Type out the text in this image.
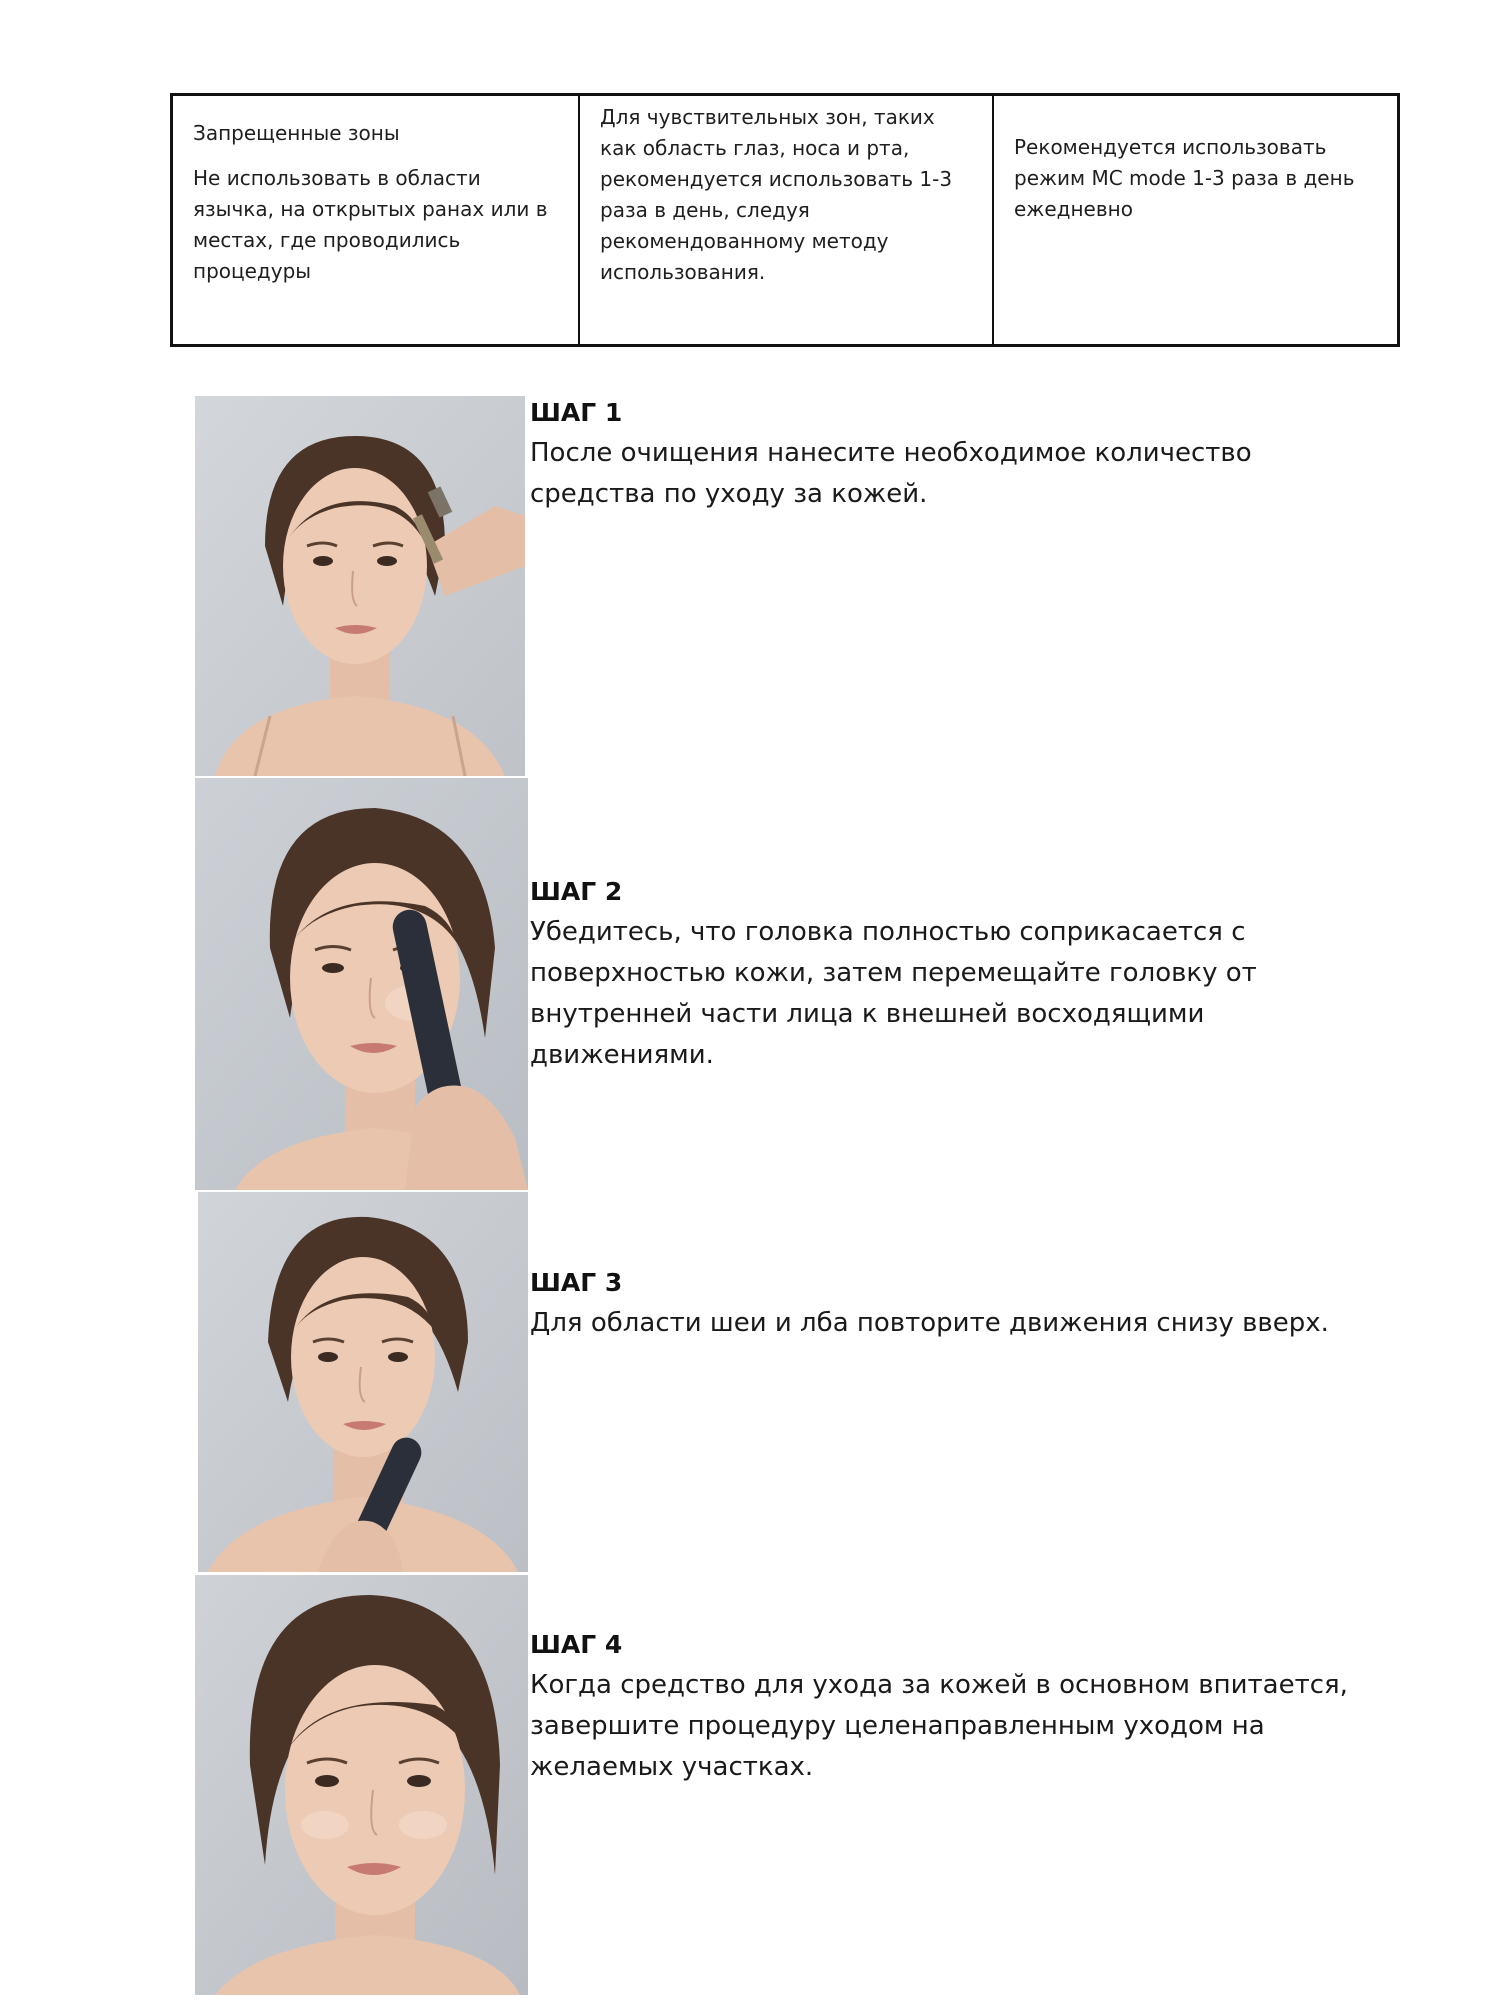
Запрещенные зоны

Не использовать в области язычка, на открытых ранах или в местах, где проводились процедуры

Для чувствительных зон, таких как область глаз, носа и рта, рекомендуется использовать 1-3 раза в день, следуя рекомендованному методу использования.

Рекомендуется использовать режим MC mode 1-3 раза в день ежедневно

ШАГ 1

После очищения нанесите необходимое количество средства по уходу за кожей.

ШАГ 2

Убедитесь, что головка полностью соприкасается с поверхностью кожи, затем перемещайте головку от внутренней части лица к внешней восходящими движениями.

ШАГ 3

Для области шеи и лба повторите движения снизу вверх.

ШАГ 4

Когда средство для ухода за кожей в основном впитается, завершите процедуру целенаправленным уходом на желаемых участках.
